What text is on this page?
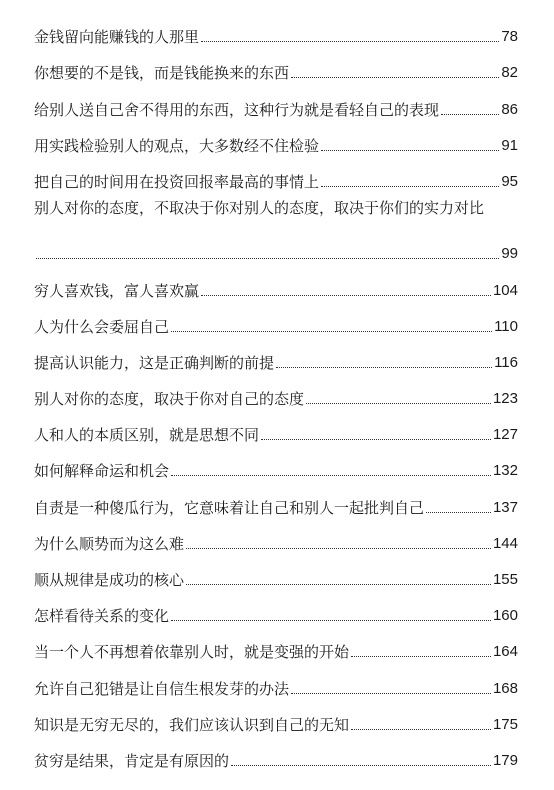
金钱留向能赚钱的人那里	78
你想要的不是钱，而是钱能换来的东西	82
给别人送自己舍不得用的东西，这种行为就是看轻自己的表现	86
用实践检验别人的观点，大多数经不住检验	91
把自己的时间用在投资回报率最高的事情上	95
别人对你的态度，不取决于你对别人的态度，取决于你们的实力对比
99
穷人喜欢钱，富人喜欢赢	104
人为什么会委屈自己	110
提高认识能力，这是正确判断的前提	116
别人对你的态度，取决于你对自己的态度	123
人和人的本质区别，就是思想不同	127
如何解释命运和机会	132
自责是一种傻瓜行为，它意味着让自己和别人一起批判自己	137
为什么顺势而为这么难	144
顺从规律是成功的核心	155
怎样看待关系的变化	160
当一个人不再想着依靠别人时，就是变强的开始	164
允许自己犯错是让自信生根发芽的办法	168
知识是无穷无尽的，我们应该认识到自己的无知	175
贫穷是结果，肯定是有原因的	179
